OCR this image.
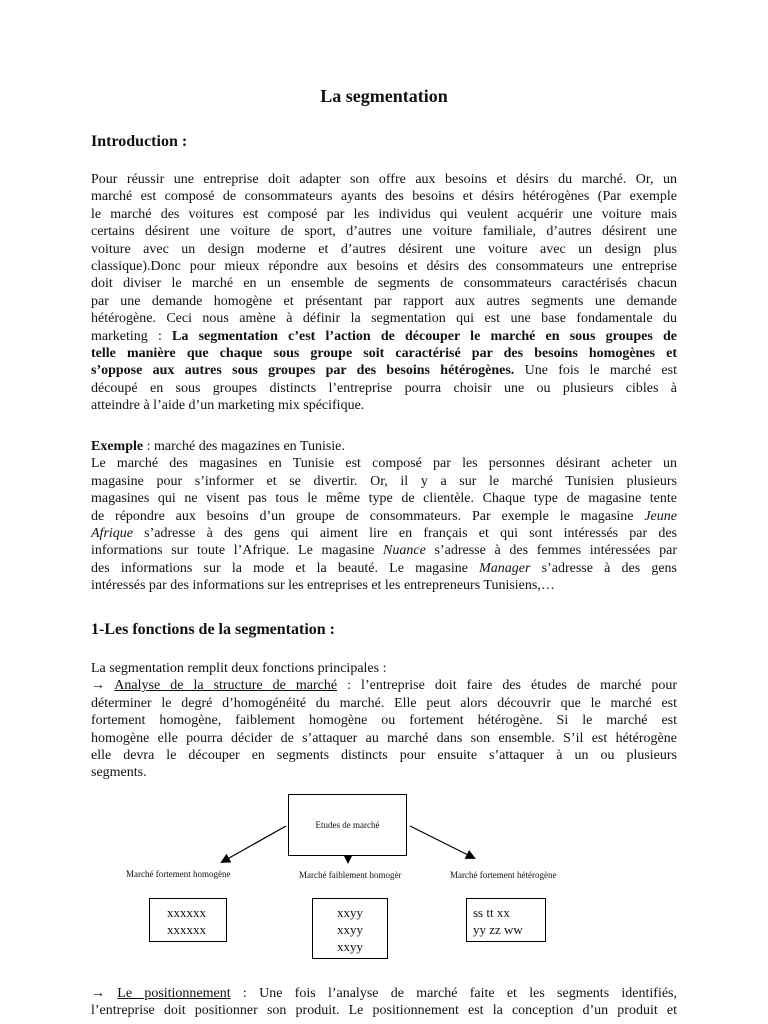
La segmentation
Introduction :
Pour réussir une entreprise doit adapter son offre aux besoins et désirs du marché. Or, un
marché est composé de consommateurs ayants des besoins et désirs hétérogènes (Par exemple
le marché des voitures est composé par les individus qui veulent acquérir une voiture mais
certains désirent une voiture de sport, d’autres une voiture familiale, d’autres désirent une
voiture avec un design moderne et d’autres désirent une voiture avec un design plus
classique).Donc pour mieux répondre aux besoins et désirs des consommateurs une entreprise
doit diviser le marché en un ensemble de segments de consommateurs caractérisés chacun
par une demande homogène et présentant par rapport aux autres segments une demande
hétérogène. Ceci nous amène à définir la segmentation qui est une base fondamentale du
marketing : La segmentation c’est l’action de découper le marché en sous groupes de
telle manière que chaque sous groupe soit caractérisé par des besoins homogènes et
s’oppose aux autres sous groupes par des besoins hétérogènes. Une fois le marché est
découpé en sous groupes distincts l’entreprise pourra choisir une ou plusieurs cibles à
atteindre à l’aide d’un marketing mix spécifique.
Exemple : marché des magazines en Tunisie.
Le marché des magasines en Tunisie est composé par les personnes désirant acheter un
magasine pour s’informer et se divertir. Or, il y a sur le marché Tunisien plusieurs
magasines qui ne visent pas tous le même type de clientèle. Chaque type de magasine tente
de répondre aux besoins d’un groupe de consommateurs. Par exemple le magasine Jeune
Afrique s’adresse à des gens qui aiment lire en français et qui sont intéressés par des
informations sur toute l’Afrique. Le magasine Nuance s’adresse à des femmes intéressées par
des informations sur la mode et la beauté. Le magasine Manager s’adresse à des gens
intéressés par des informations sur les entreprises et les entrepreneurs Tunisiens,…
1-Les fonctions de la segmentation :
La segmentation remplit deux fonctions principales :
→ Analyse de la structure de marché : l’entreprise doit faire des études de marché pour
déterminer le degré d’homogénéité du marché. Elle peut alors découvrir que le marché est
fortement homogène, faiblement homogène ou fortement hétérogène. Si le marché est
homogène elle pourra décider de s’attaquer au marché dans son ensemble. S’il est hétérogène
elle devra le découper en segments distincts pour ensuite s’attaquer à un ou plusieurs
segments.
Etudes de marché
Marché fortement homogène	Marché faiblement homogèr	Marché fortement hétérogène
xxxxxx
xxxxxx
xxyy
xxyy
xxyy
ss tt xx
yy zz ww
→ Le positionnement : Une fois l’analyse de marché faite et les segments identifiés,
l’entreprise doit positionner son produit. Le positionnement est la conception d’un produit et
